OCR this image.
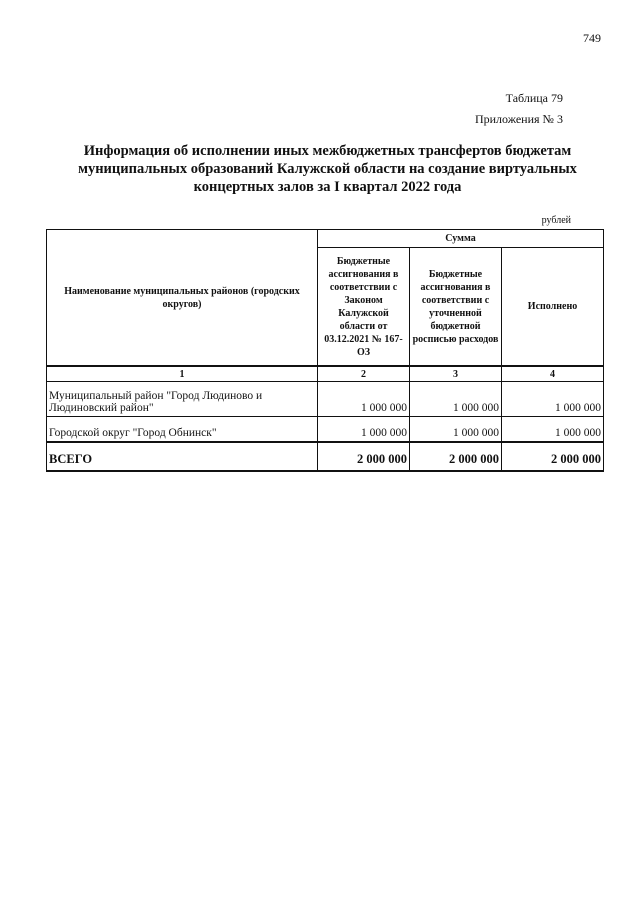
749
Таблица 79
Приложения № 3
Информация об исполнении иных межбюджетных трансфертов бюджетам муниципальных образований Калужской области на создание виртуальных концертных залов за I квартал 2022 года
рублей
Наименование муниципальных районов (городских округов)	Сумма		
	Бюджетные ассигнования в соответствии с Законом Калужской области от 03.12.2021 № 167-ОЗ	Бюджетные ассигнования в соответствии с уточненной бюджетной росписью расходов	Исполнено
1	2	3	4
Муниципальный район "Город Людиново и Людиновский район"	1 000 000	1 000 000	1 000 000
Городской округ "Город Обнинск"	1 000 000	1 000 000	1 000 000
ВСЕГО	2 000 000	2 000 000	2 000 000
